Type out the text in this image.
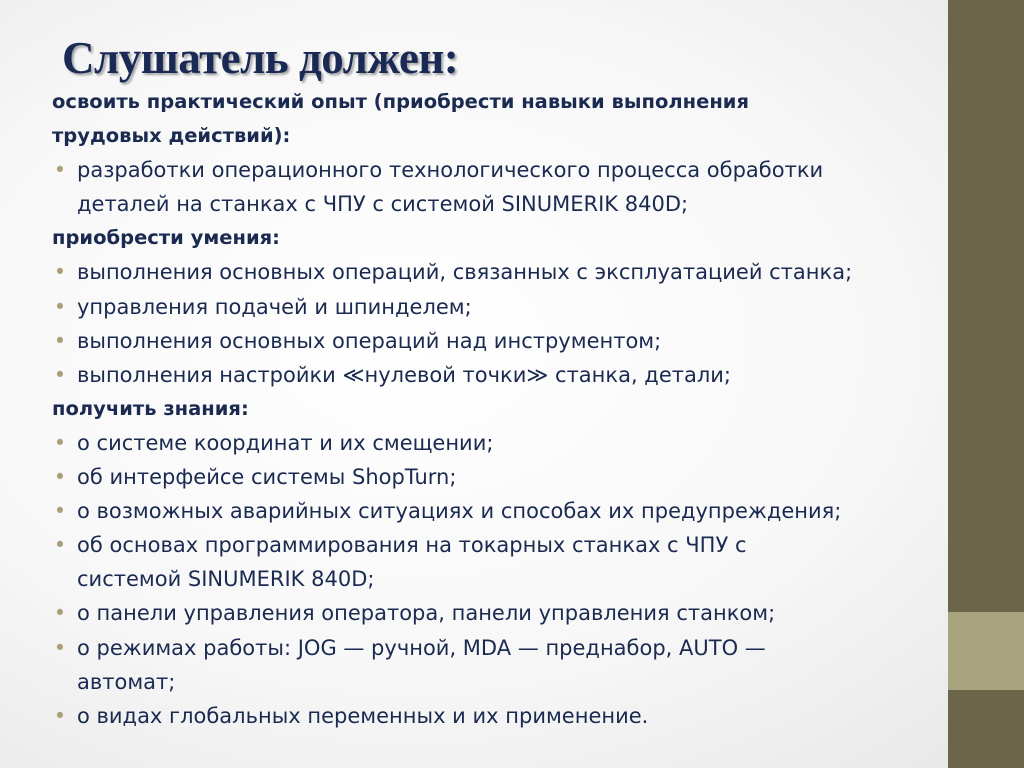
Слушатель должен:
освоить практический опыт (приобрести навыки выполнения
трудовых действий):
• разработки операционного технологического процесса обработки
деталей на станках с ЧПУ с системой SINUMERIK 840D;
приобрести умения:
• выполнения основных операций, связанных с эксплуатацией станка;
• управления подачей и шпинделем;
• выполнения основных операций над инструментом;
• выполнения настройки ≪нулевой точки≫ станка, детали;
получить знания:
• о системе координат и их смещении;
• об интерфейсе системы ShopTurn;
• о возможных аварийных ситуациях и способах их предупреждения;
• об основах программирования на токарных станках с ЧПУ с
системой SINUMERIK 840D;
• о панели управления оператора, панели управления станком;
• о режимах работы: JOG — ручной, MDA — преднабор, AUTO —
автомат;
• о видах глобальных переменных и их применение.
